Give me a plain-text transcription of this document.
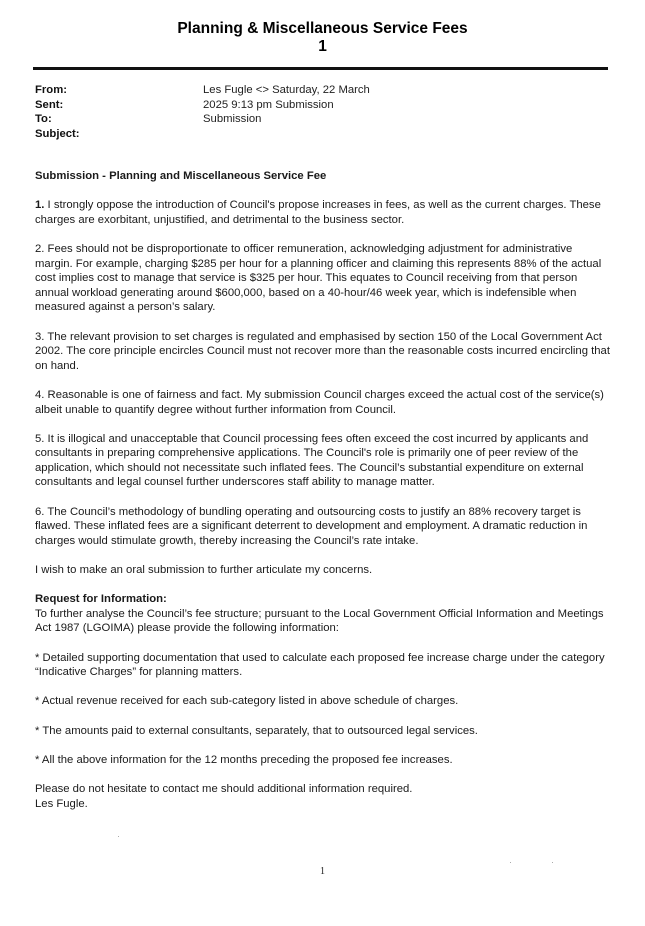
Planning & Miscellaneous Service Fees
1
From:
Sent:
To:
Subject:
Les Fugle <> Saturday, 22 March
2025 9:13 pm Submission
Submission
Submission - Planning and Miscellaneous Service Fee

1. I strongly oppose the introduction of Council's propose increases in fees, as well as the current charges. These charges are exorbitant, unjustified, and detrimental to the business sector.

2. Fees should not be disproportionate to officer remuneration, acknowledging adjustment for administrative margin. For example, charging $285 per hour for a planning officer and claiming this represents 88% of the actual cost implies cost to manage that service is $325 per hour. This equates to Council receiving from that person annual workload generating around $600,000, based on a 40-hour/46 week year, which is indefensible when measured against a person’s salary.

3. The relevant provision to set charges is regulated and emphasised by section 150 of the Local Government Act 2002. The core principle encircles Council must not recover more than the reasonable costs incurred encircling that on hand.

4. Reasonable is one of fairness and fact. My submission Council charges exceed the actual cost of the service(s) albeit unable to quantify degree without further information from Council.

5. It is illogical and unacceptable that Council processing fees often exceed the cost incurred by applicants and consultants in preparing comprehensive applications. The Council's role is primarily one of peer review of the application, which should not necessitate such inflated fees. The Council’s substantial expenditure on external consultants and legal counsel further underscores staff ability to manage matter.

6. The Council’s methodology of bundling operating and outsourcing costs to justify an 88% recovery target is flawed. These inflated fees are a significant deterrent to development and employment. A dramatic reduction in charges would stimulate growth, thereby increasing the Council’s rate intake.

I wish to make an oral submission to further articulate my concerns.

Request for Information:
To further analyse the Council’s fee structure; pursuant to the Local Government Official Information and Meetings Act 1987 (LGOIMA) please provide the following information:

* Detailed supporting documentation that used to calculate each proposed fee increase charge under the category “Indicative Charges” for planning matters.

* Actual revenue received for each sub-category listed in above schedule of charges.

* The amounts paid to external consultants, separately, that to outsourced legal services.

* All the above information for the 12 months preceding the proposed fee increases.

Please do not hesitate to contact me should additional information required.
Les Fugle.
1
